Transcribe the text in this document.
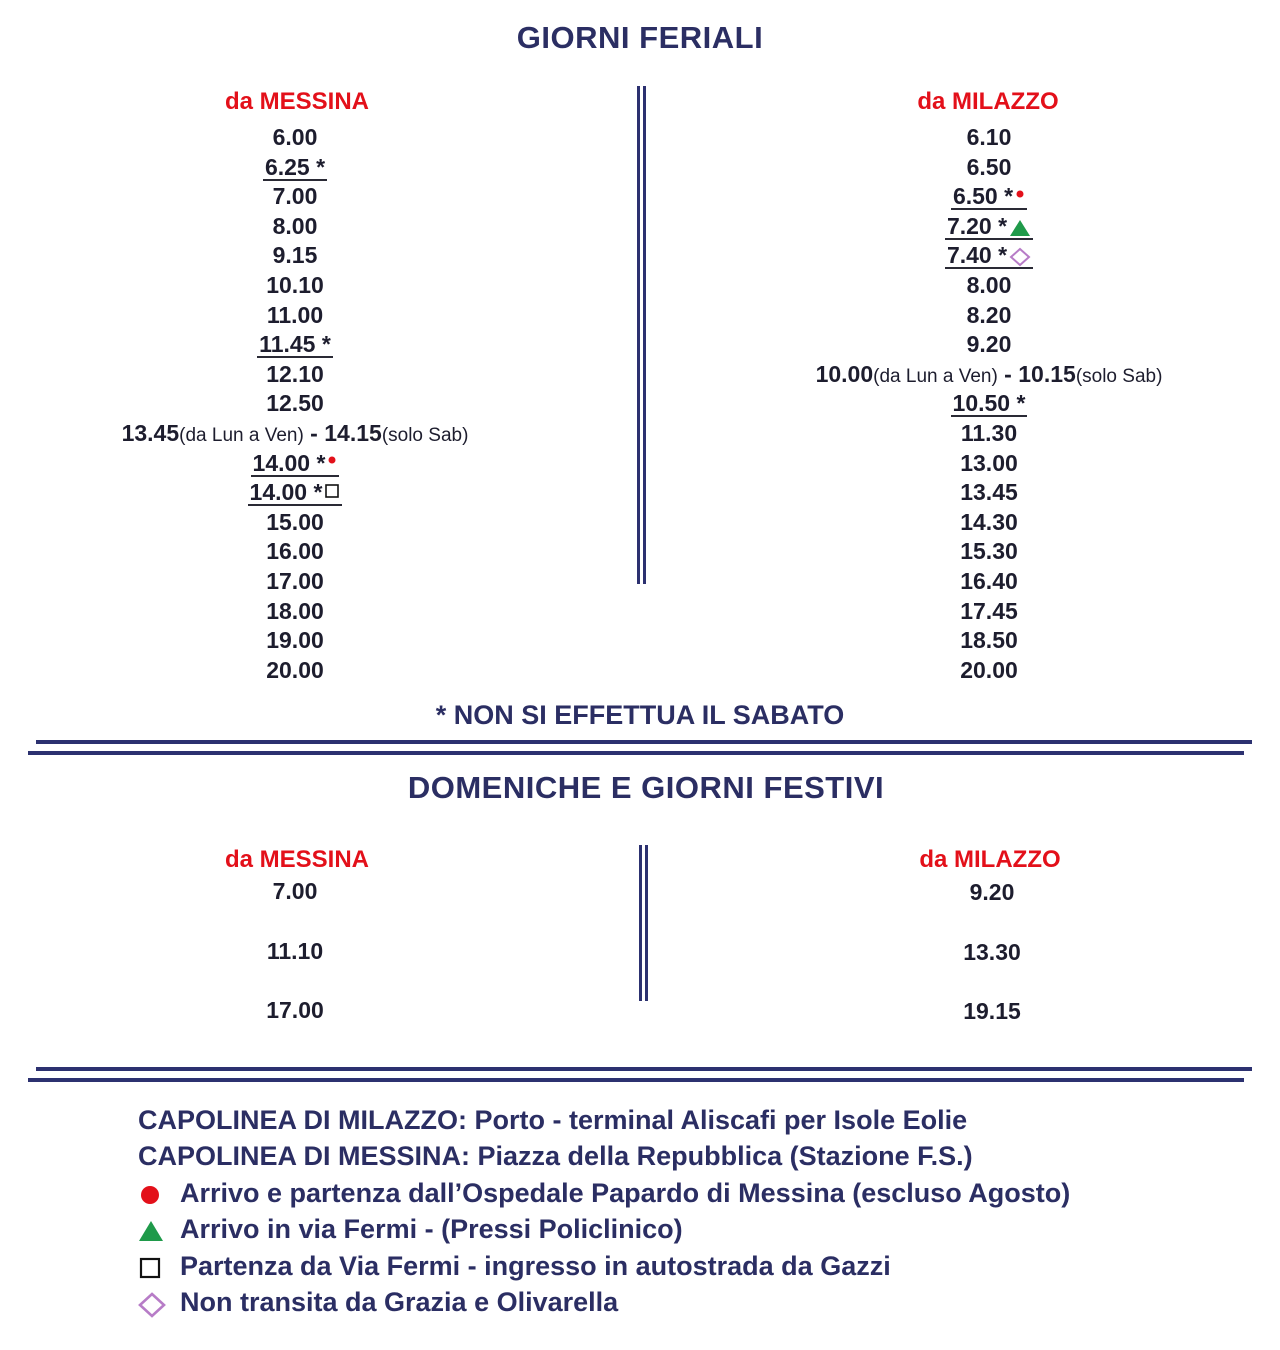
GIORNI FERIALI
da MESSINA	da MILAZZO
6.00
6.25 *
7.00
8.00
9.15
10.10
11.00
11.45 *
12.10
12.50
13.45(da Lun a Ven) - 14.15(solo Sab)
14.00 *
14.00 *
15.00
16.00
17.00
18.00
19.00
20.00
6.10
6.50
6.50 *
7.20 *
7.40 *
8.00
8.20
9.20
10.00(da Lun a Ven) - 10.15(solo Sab)
10.50 *
11.30
13.00
13.45
14.30
15.30
16.40
17.45
18.50
20.00
* NON SI EFFETTUA IL SABATO
DOMENICHE E GIORNI FESTIVI
da MESSINA	da MILAZZO
7.00
11.10
17.00
9.20
13.30
19.15
CAPOLINEA DI MILAZZO: Porto - terminal Aliscafi per Isole Eolie
CAPOLINEA DI MESSINA: Piazza della Repubblica (Stazione F.S.)
Arrivo e partenza dall’Ospedale Papardo di Messina (escluso Agosto)
Arrivo in via Fermi - (Pressi Policlinico)
Partenza da Via Fermi - ingresso in autostrada da Gazzi
Non transita da Grazia e Olivarella
